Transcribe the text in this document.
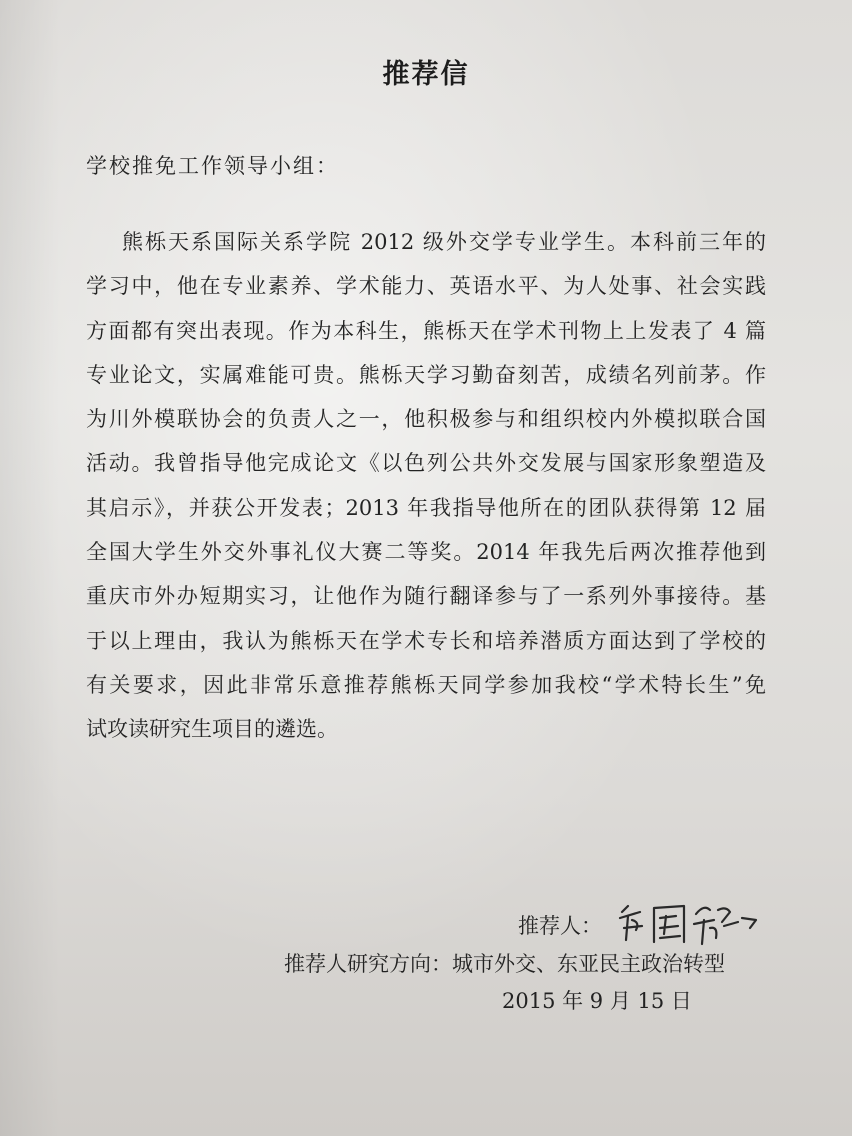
推荐信
学校推免工作领导小组：
熊栎天系国际关系学院 2012 级外交学专业学生。本科前三年的
学习中，他在专业素养、学术能力、英语水平、为人处事、社会实践
方面都有突出表现。作为本科生，熊栎天在学术刊物上上发表了 4 篇
专业论文，实属难能可贵。熊栎天学习勤奋刻苦，成绩名列前茅。作
为川外模联协会的负责人之一，他积极参与和组织校内外模拟联合国
活动。我曾指导他完成论文《以色列公共外交发展与国家形象塑造及
其启示》，并获公开发表；2013 年我指导他所在的团队获得第 12 届
全国大学生外交外事礼仪大赛二等奖。2014 年我先后两次推荐他到
重庆市外办短期实习，让他作为随行翻译参与了一系列外事接待。基
于以上理由，我认为熊栎天在学术专长和培养潜质方面达到了学校的
有关要求，因此非常乐意推荐熊栎天同学参加我校“学术特长生”免
试攻读研究生项目的遴选。
推荐人：
推荐人研究方向：城市外交、东亚民主政治转型
2015 年 9 月 15 日
